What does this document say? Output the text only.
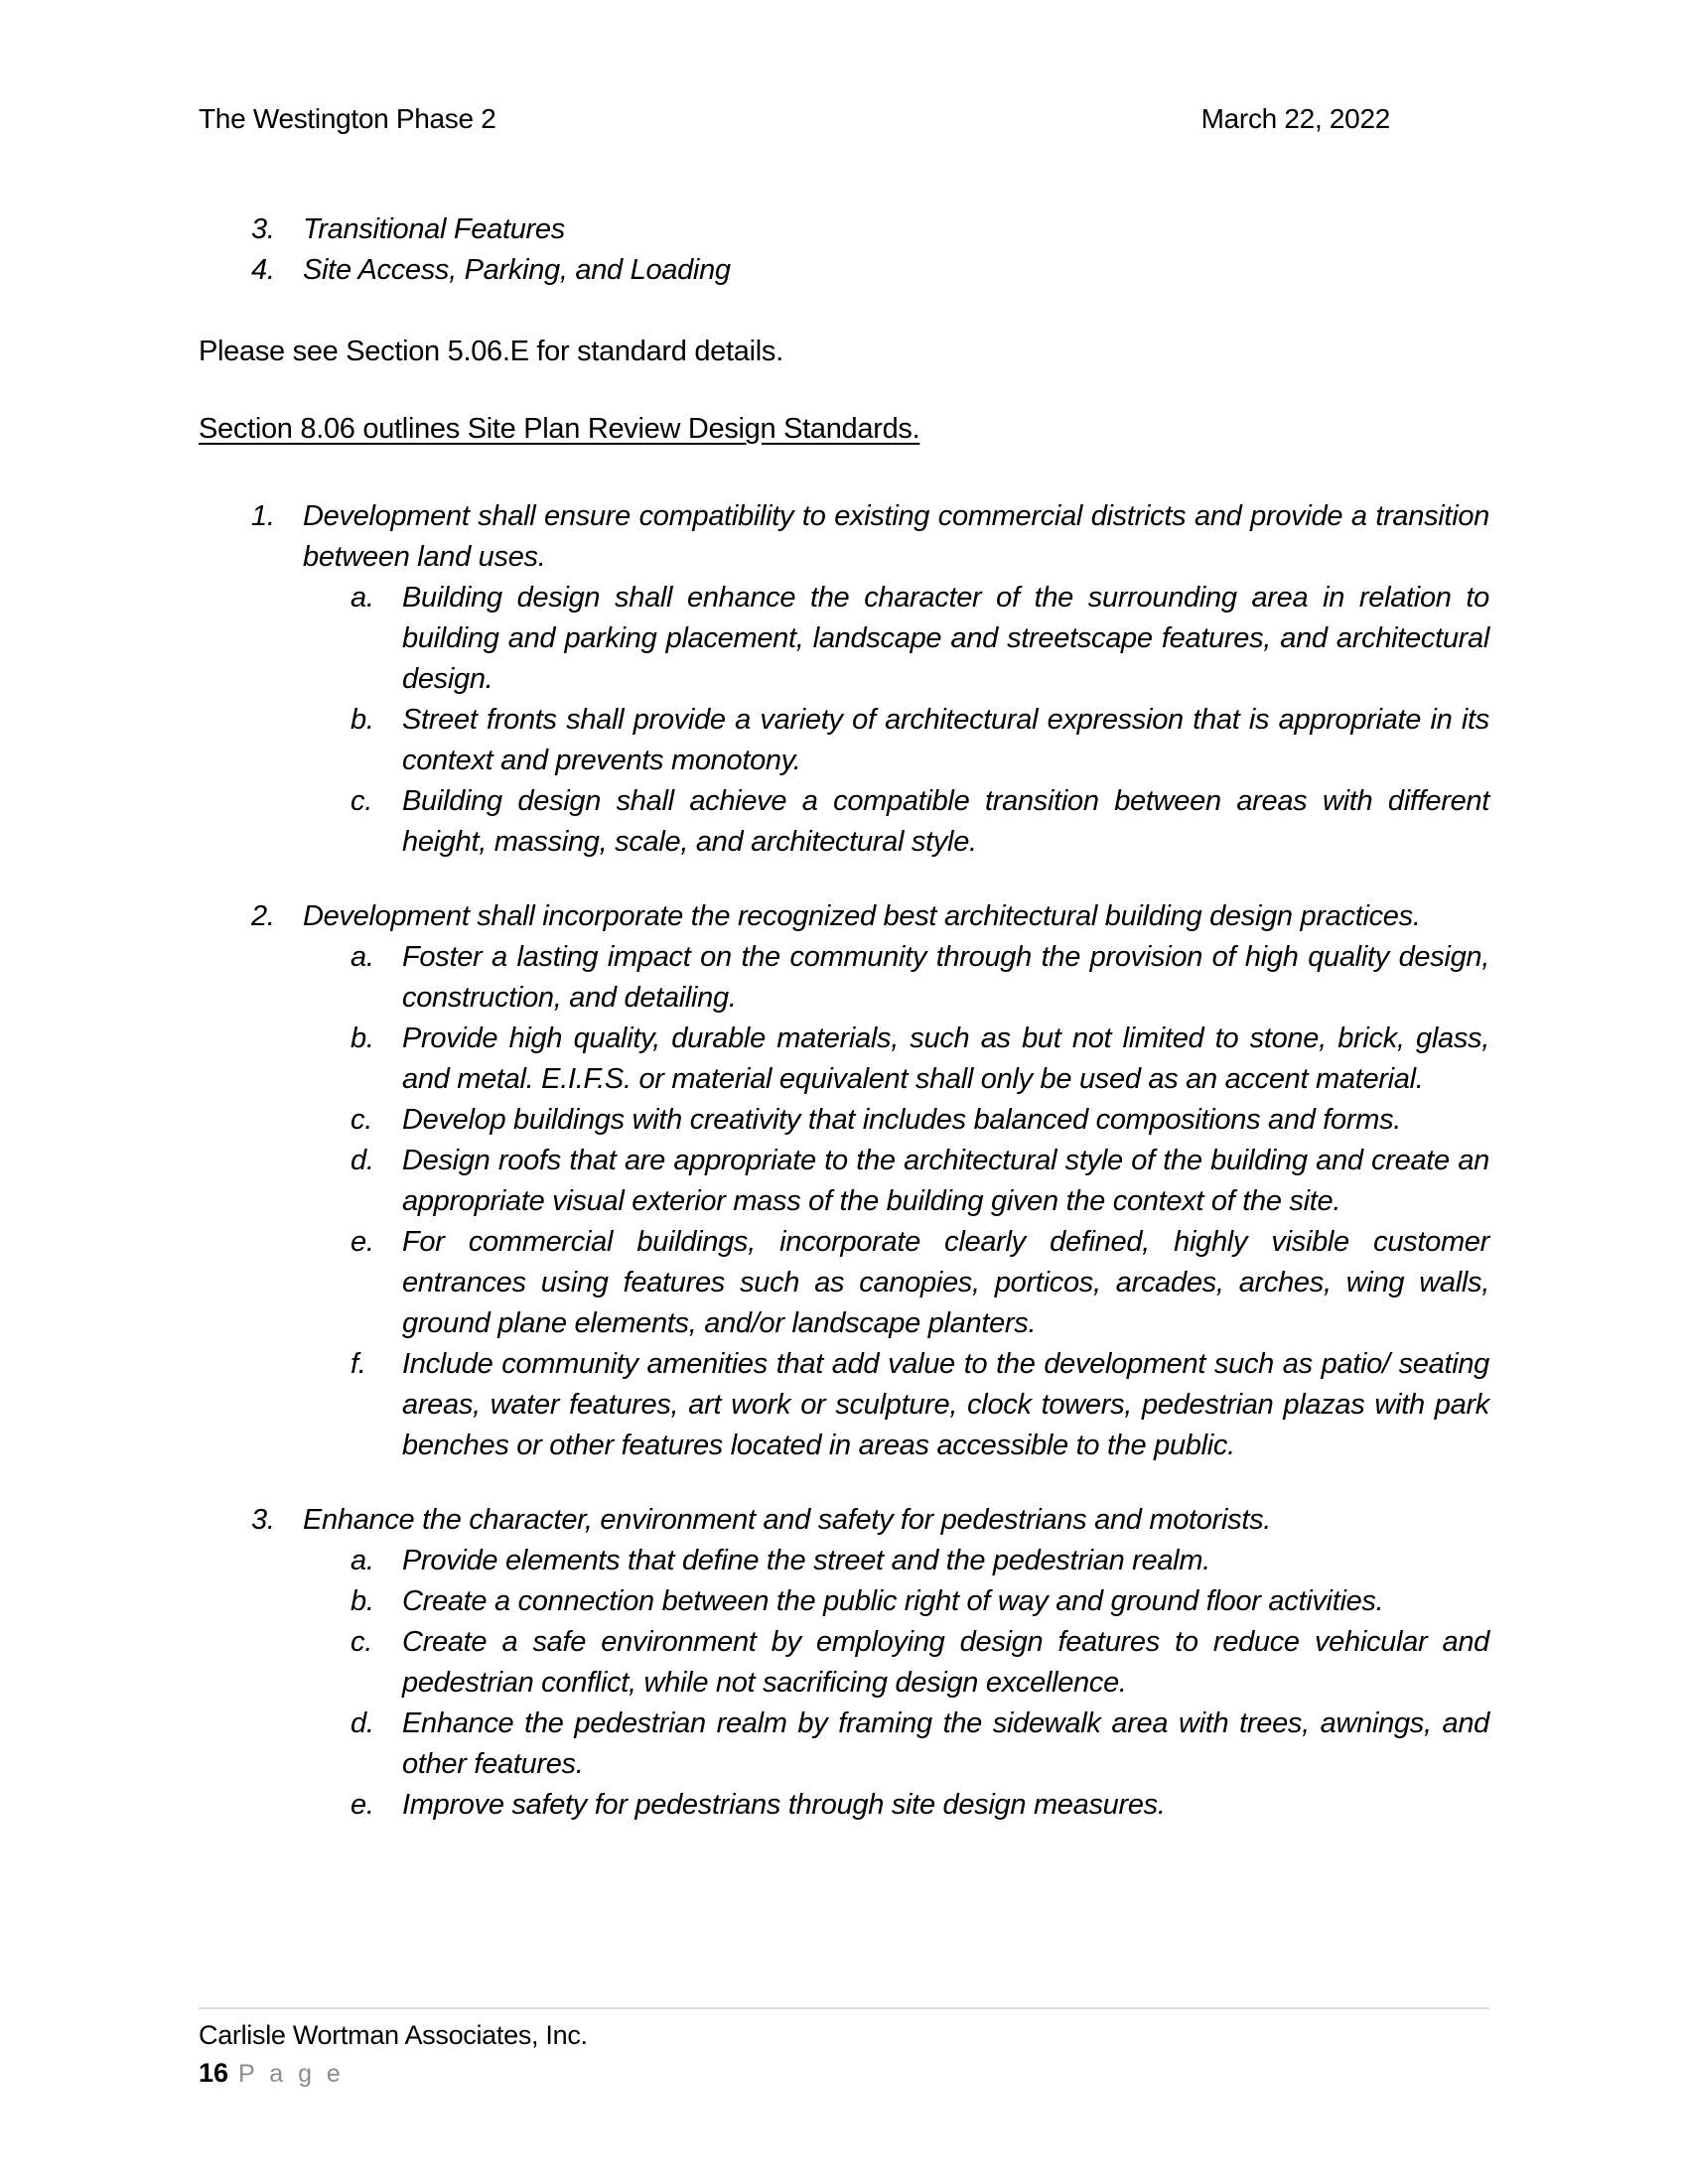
The Westington Phase 2	March 22, 2022
3. Transitional Features
4. Site Access, Parking, and Loading

Please see Section 5.06.E for standard details.

Section 8.06 outlines Site Plan Review Design Standards.

1. Development shall ensure compatibility to existing commercial districts and provide a transition between land uses.
a. Building design shall enhance the character of the surrounding area in relation to building and parking placement, landscape and streetscape features, and architectural design.
b. Street fronts shall provide a variety of architectural expression that is appropriate in its context and prevents monotony.
c. Building design shall achieve a compatible transition between areas with different height, massing, scale, and architectural style.
2. Development shall incorporate the recognized best architectural building design practices.
a. Foster a lasting impact on the community through the provision of high quality design, construction, and detailing.
b. Provide high quality, durable materials, such as but not limited to stone, brick, glass, and metal. E.I.F.S. or material equivalent shall only be used as an accent material.
c. Develop buildings with creativity that includes balanced compositions and forms.
d. Design roofs that are appropriate to the architectural style of the building and create an appropriate visual exterior mass of the building given the context of the site.
e. For commercial buildings, incorporate clearly defined, highly visible customer entrances using features such as canopies, porticos, arcades, arches, wing walls, ground plane elements, and/or landscape planters.
f. Include community amenities that add value to the development such as patio/ seating areas, water features, art work or sculpture, clock towers, pedestrian plazas with park benches or other features located in areas accessible to the public.
3. Enhance the character, environment and safety for pedestrians and motorists.
a. Provide elements that define the street and the pedestrian realm.
b. Create a connection between the public right of way and ground floor activities.
c. Create a safe environment by employing design features to reduce vehicular and pedestrian conflict, while not sacrificing design excellence.
d. Enhance the pedestrian realm by framing the sidewalk area with trees, awnings, and other features.
e. Improve safety for pedestrians through site design measures.
Carlisle Wortman Associates, Inc.
16 P a g e
